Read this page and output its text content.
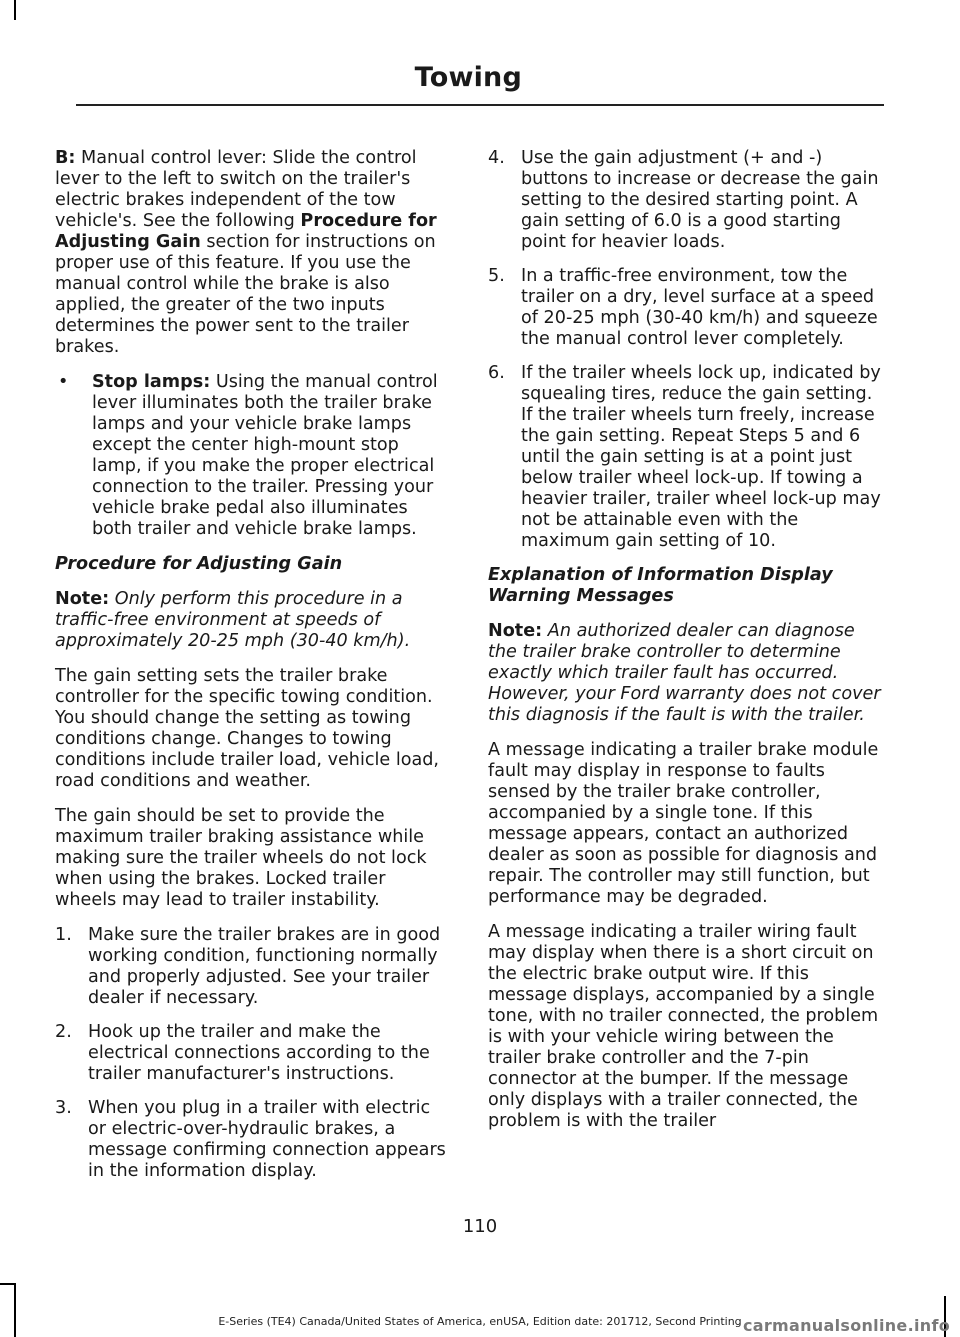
Towing

B: Manual control lever: Slide the control lever to the left to switch on the trailer's electric brakes independent of the tow vehicle's. See the following Procedure for Adjusting Gain section for instructions on proper use of this feature. If you use the manual control while the brake is also applied, the greater of the two inputs determines the power sent to the trailer brakes.

•	Stop lamps: Using the manual control lever illuminates both the trailer brake lamps and your vehicle brake lamps except the center high-mount stop lamp, if you make the proper electrical connection to the trailer. Pressing your vehicle brake pedal also illuminates both trailer and vehicle brake lamps.
Procedure for Adjusting Gain

Note: Only perform this procedure in a traffic-free environment at speeds of approximately 20-25 mph (30-40 km/h).

The gain setting sets the trailer brake controller for the specific towing condition. You should change the setting as towing conditions change. Changes to towing conditions include trailer load, vehicle load, road conditions and weather.

The gain should be set to provide the maximum trailer braking assistance while making sure the trailer wheels do not lock when using the brakes. Locked trailer wheels may lead to trailer instability.

1. Make sure the trailer brakes are in good working condition, functioning normally and properly adjusted. See your trailer dealer if necessary.
2. Hook up the trailer and make the electrical connections according to the trailer manufacturer's instructions.
3. When you plug in a trailer with electric or electric-over-hydraulic brakes, a message confirming connection appears in the information display.
4. Use the gain adjustment (+ and -) buttons to increase or decrease the gain setting to the desired starting point. A gain setting of 6.0 is a good starting point for heavier loads.
5. In a traffic-free environment, tow the trailer on a dry, level surface at a speed of 20-25 mph (30-40 km/h) and squeeze the manual control lever completely.
6. If the trailer wheels lock up, indicated by squealing tires, reduce the gain setting. If the trailer wheels turn freely, increase the gain setting. Repeat Steps 5 and 6 until the gain setting is at a point just below trailer wheel lock-up. If towing a heavier trailer, trailer wheel lock-up may not be attainable even with the maximum gain setting of 10.
Explanation of Information Display Warning Messages

Note: An authorized dealer can diagnose the trailer brake controller to determine exactly which trailer fault has occurred. However, your Ford warranty does not cover this diagnosis if the fault is with the trailer.

A message indicating a trailer brake module fault may display in response to faults sensed by the trailer brake controller, accompanied by a single tone. If this message appears, contact an authorized dealer as soon as possible for diagnosis and repair. The controller may still function, but performance may be degraded.

A message indicating a trailer wiring fault may display when there is a short circuit on the electric brake output wire. If this message displays, accompanied by a single tone, with no trailer connected, the problem is with your vehicle wiring between the trailer brake controller and the 7-pin connector at the bumper. If the message only displays with a trailer connected, the problem is with the trailer

110
E-Series (TE4) Canada/United States of America, enUSA, Edition date: 201712, Second Printing carmanualsonline.info
